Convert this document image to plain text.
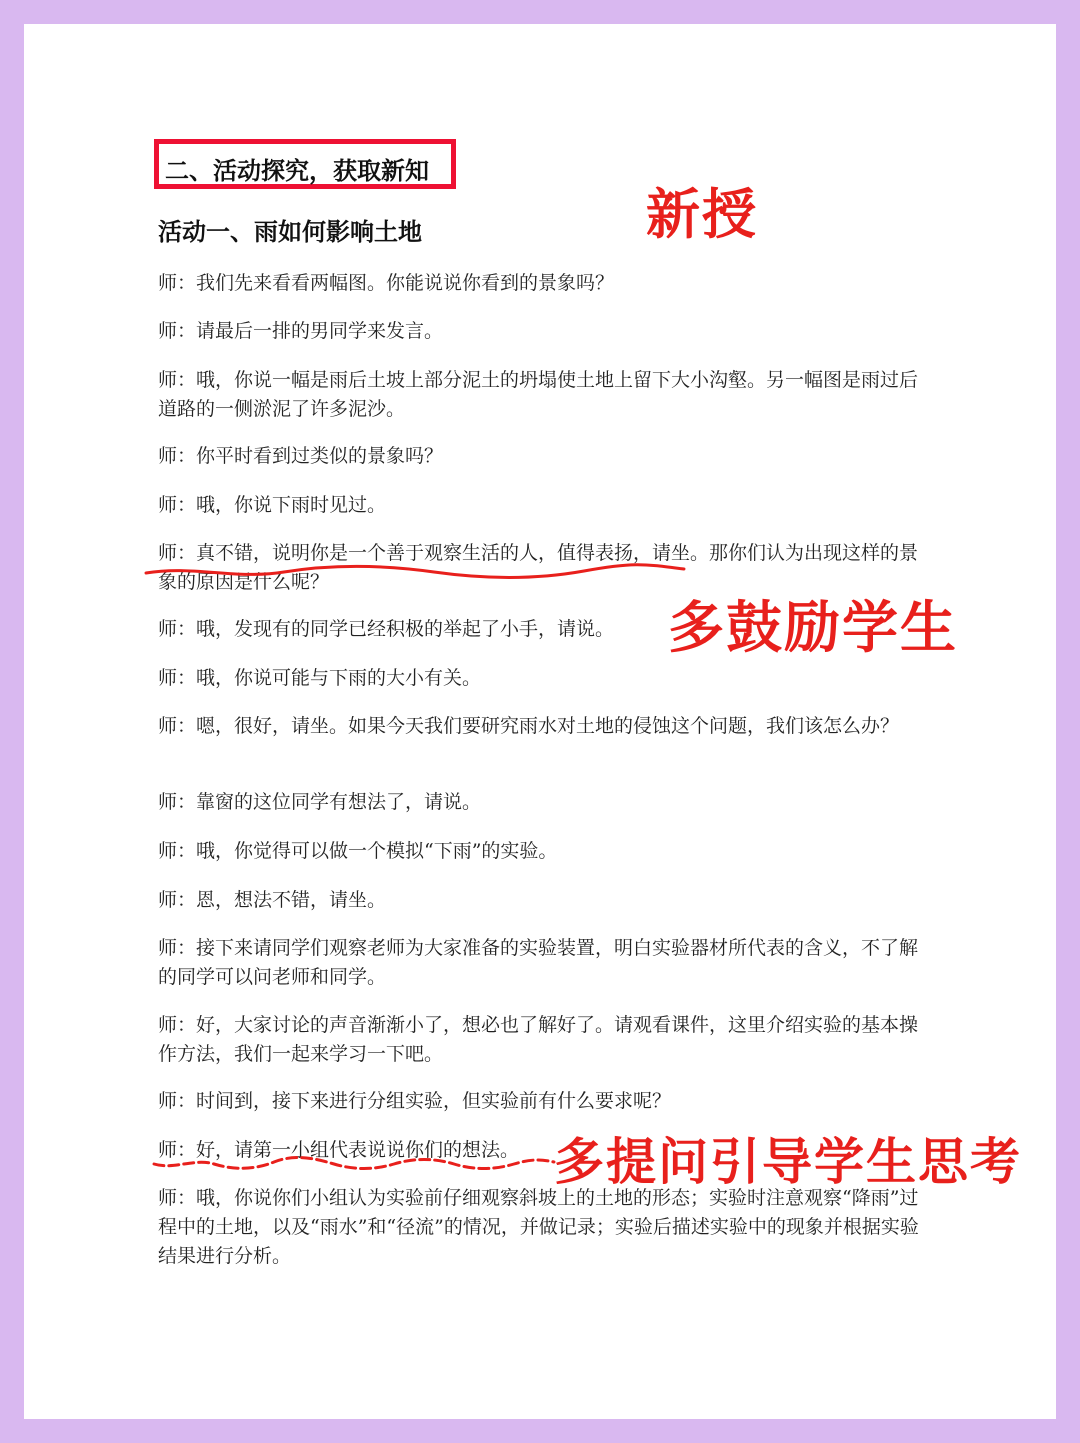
二、活动探究，获取新知
活动一、雨如何影响土地	新授
师：我们先来看看两幅图。你能说说你看到的景象吗？
师：请最后一排的男同学来发言。
师：哦，你说一幅是雨后土坡上部分泥土的坍塌使土地上留下大小沟壑。另一幅图是雨过后道路的一侧淤泥了许多泥沙。
师：你平时看到过类似的景象吗？
师：哦，你说下雨时见过。
师：真不错，说明你是一个善于观察生活的人，值得表扬，请坐。那你们认为出现这样的景象的原因是什么呢？
师：哦，发现有的同学已经积极的举起了小手，请说。
师：哦，你说可能与下雨的大小有关。
师：嗯，很好，请坐。如果今天我们要研究雨水对土地的侵蚀这个问题，我们该怎么办？
师：靠窗的这位同学有想法了，请说。
师：哦，你觉得可以做一个模拟“下雨”的实验。
师：恩，想法不错，请坐。
师：接下来请同学们观察老师为大家准备的实验装置，明白实验器材所代表的含义，不了解的同学可以问老师和同学。
师：好，大家讨论的声音渐渐小了，想必也了解好了。请观看课件，这里介绍实验的基本操作方法，我们一起来学习一下吧。
师：时间到，接下来进行分组实验，但实验前有什么要求呢？
师：好，请第一小组代表说说你们的想法。
师：哦，你说你们小组认为实验前仔细观察斜坡上的土地的形态；实验时注意观察“降雨”过程中的土地，以及“雨水”和“径流”的情况，并做记录；实验后描述实验中的现象并根据实验结果进行分析。
多鼓励学生
多提问引导学生思考
